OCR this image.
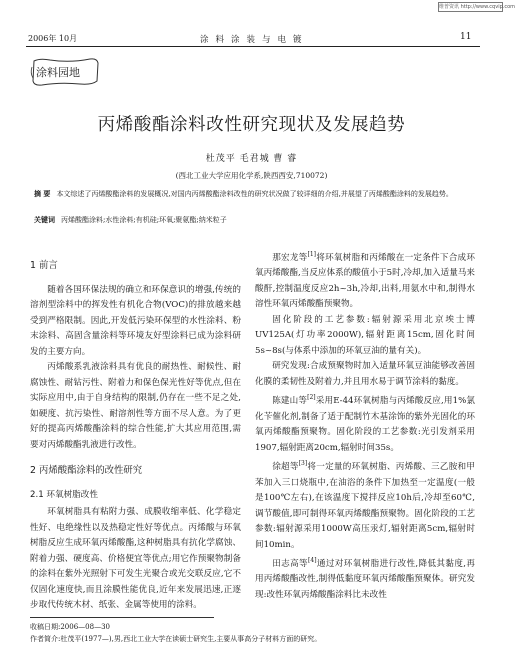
维普资讯 http://www.cqvip.com
2006年 10月	涂料涂装与电镀	11
涂料园地
丙烯酸酯涂料改性研究现状及发展趋势
杜茂平 毛君城 曹 睿
(西北工业大学应用化学系,陕西西安,710072)
摘 要 本文综述了丙烯酸酯涂料的发展概况,对国内丙烯酸酯涂料改性的研究状况做了较详细的介绍,并展望了丙烯酸酯涂料的发展趋势。
关键词 丙烯酸酯涂料;水性涂料;有机硅;环氧;聚氨酯;纳米粒子
1 前言

随着各国环保法规的确立和环保意识的增强,传统的溶剂型涂料中的挥发性有机化合物(VOC)的排放越来越受到严格限制。因此,开发低污染环保型的水性涂料、粉末涂料、高固含量涂料等环境友好型涂料已成为涂料研发的主要方向。

丙烯酸系乳液涂料具有优良的耐热性、耐候性、耐腐蚀性、耐钻污性、附着力和保色保光性好等优点,但在实际应用中,由于自身结构的限制,仍存在一些不足之处,如硬度、抗污染性、耐溶剂性等方面不尽人意。为了更好的提高丙烯酸酯涂料的综合性能,扩大其应用范围,需要对丙烯酸酯乳液进行改性。

2 丙烯酸酯涂料的改性研究
2.1 环氧树脂改性

环氧树脂具有粘附力强、成膜收缩率低、化学稳定性好、电绝缘性以及热稳定性好等优点。丙烯酸与环氧树脂反应生成环氧丙烯酸酯,这种树脂具有抗化学腐蚀、附着力强、硬度高、价格便宜等优点;用它作预聚物制备的涂料在紫外光照射下可发生光聚合或光交联反应,它不仅固化速度快,而且涂膜性能优良,近年来发展迅速,正逐步取代传统木材、纸张、金属等使用的涂料。

那宏龙等[1]将环氧树脂和丙烯酸在一定条件下合成环氧丙烯酸酯,当反应体系的酸值小于5时,冷却,加入适量马来酸酐,控制温度反应2h~3h,冷却,出料,用氨水中和,制得水溶性环氧丙烯酸酯预聚物。

固化阶段的工艺参数:辐射源采用北京埃士博UV125A(灯功率2000W),辐射距离15cm,固化时间5s~8s(与体系中添加的环氧豆油的量有关)。

研究发现:合成预聚物时加入适量环氧豆油能够改善固化膜的柔韧性及附着力,并且用水易于调节涂料的黏度。

陈建山等[2]采用E-44环氧树脂与丙烯酸反应,用1%氯化苄催化剂,制备了适于配制竹木基涂饰的紫外光固化的环氧丙烯酸酯预聚物。固化阶段的工艺参数:光引发剂采用1907,辐射距离20cm,辐射时间35s。

徐超等[3]将一定量的环氧树脂、丙烯酸、三乙胺和甲苯加入三口烧瓶中,在油浴的条件下加热至一定温度(一般是100℃左右),在该温度下搅拌反应10h后,冷却至60℃,调节酸值,即可制得环氧丙烯酸酯预聚物。固化阶段的工艺参数:辐射源采用1000W高压汞灯,辐射距离5cm,辐射时间10min。

田志高等[4]通过对环氧树脂进行改性,降低其黏度,再用丙烯酸酯改性,制得低黏度环氧丙烯酸酯预聚体。研究发现:改性环氧丙烯酸酯涂料比未改性

收稿日期:2006—08—30
作者简介:杜茂平(1977—),男,西北工业大学在读硕士研究生,主要从事高分子材料方面的研究。
